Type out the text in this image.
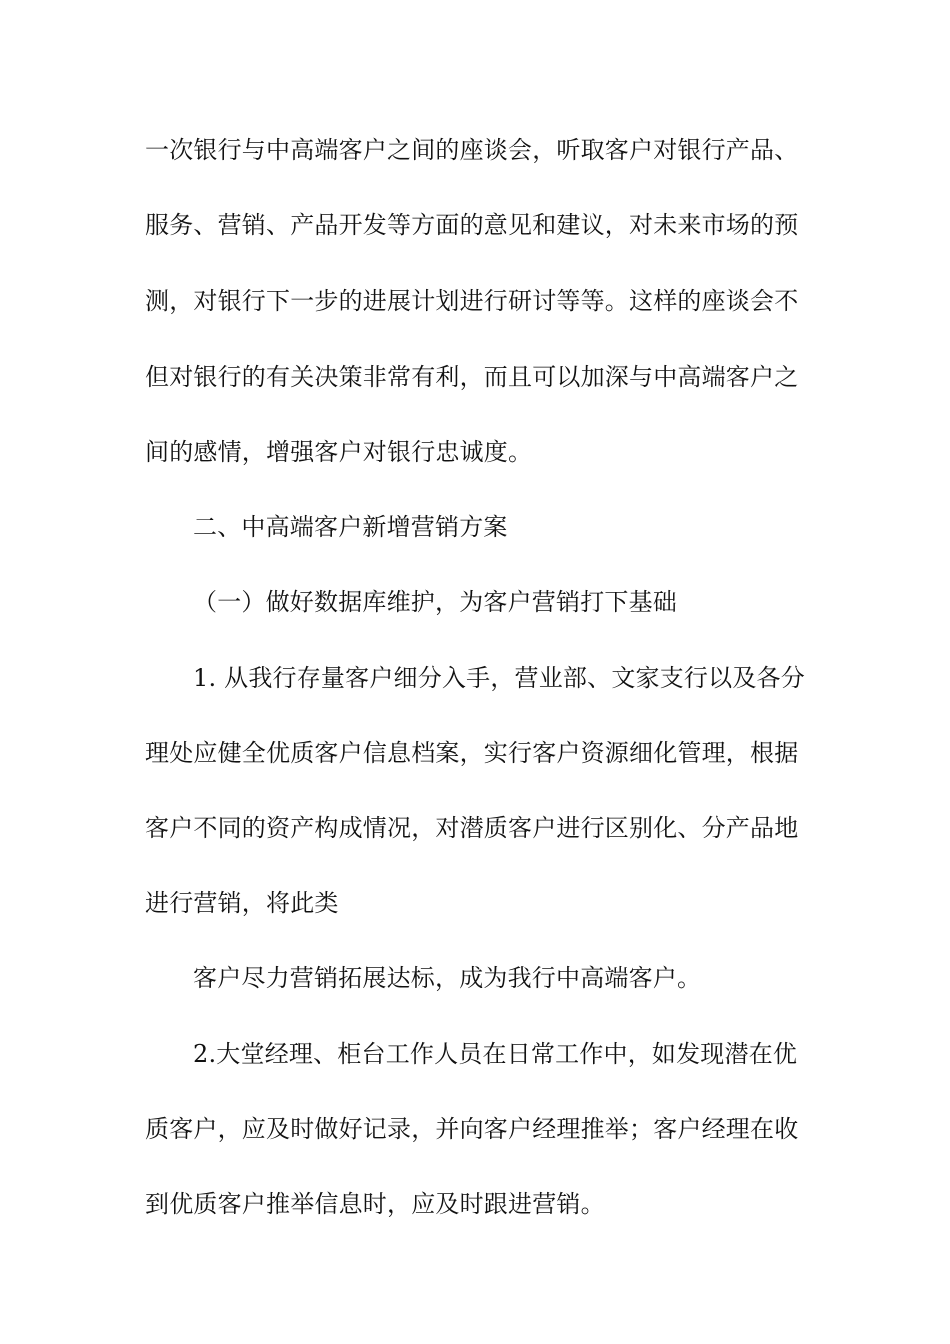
一次银行与中高端客户之间的座谈会，听取客户对银行产品、
服务、营销、产品开发等方面的意见和建议，对未来市场的预
测，对银行下一步的进展计划进行研讨等等。这样的座谈会不
但对银行的有关决策非常有利，而且可以加深与中高端客户之
间的感情，增强客户对银行忠诚度。
二、中高端客户新增营销方案
（一）做好数据库维护，为客户营销打下基础
1. 从我行存量客户细分入手，营业部、文家支行以及各分
理处应健全优质客户信息档案，实行客户资源细化管理，根据
客户不同的资产构成情况，对潜质客户进行区别化、分产品地
进行营销，将此类
客户尽力营销拓展达标，成为我行中高端客户。
2.大堂经理、柜台工作人员在日常工作中，如发现潜在优
质客户，应及时做好记录，并向客户经理推举；客户经理在收
到优质客户推举信息时，应及时跟进营销。
